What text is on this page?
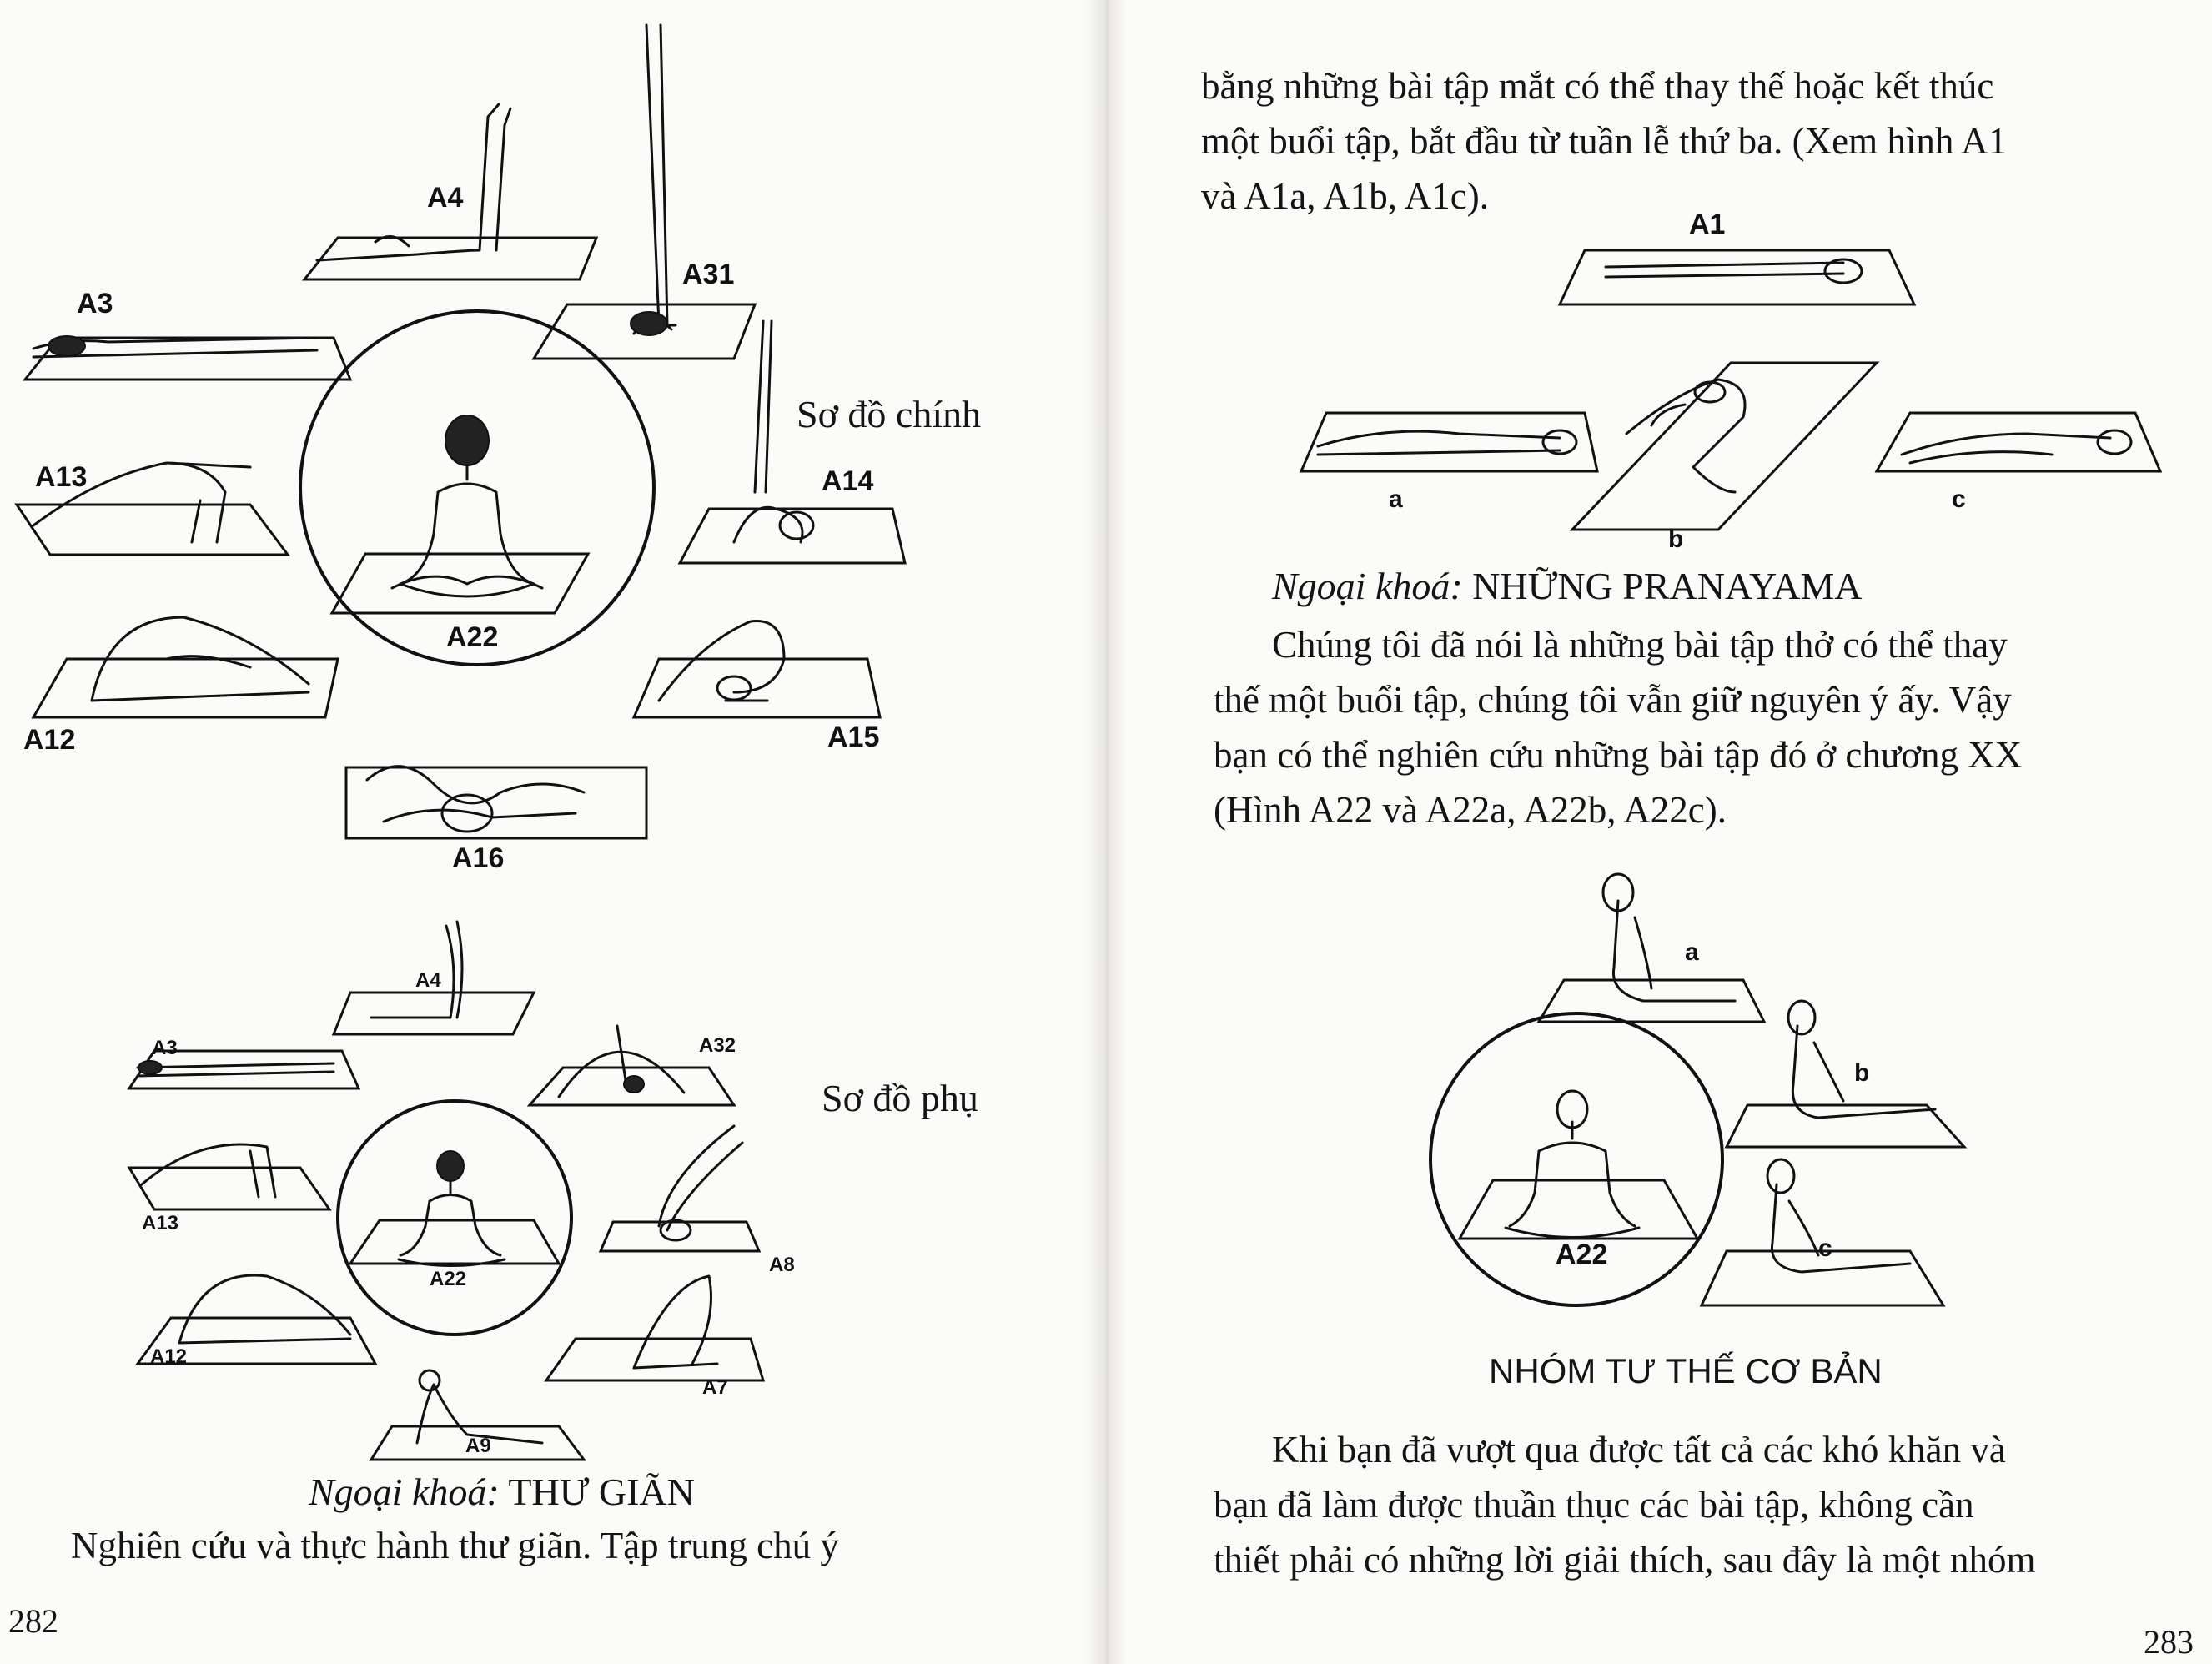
A4
A31
A3
A14
A13
A12	A15
A16
A22
Sơ đồ chính
A4
A3	A32
A13
A8
A12
A7
A9
A22
Sơ đồ phụ
Ngoại khoá: THƯ GIÃN
Nghiên cứu và thực hành thư giãn. Tập trung chú ý
282
bằng những bài tập mắt có thể thay thế hoặc kết thúc
một buổi tập, bắt đầu từ tuần lễ thứ ba. (Xem hình A1
và A1a, A1b, A1c).
A1
a
b
c
Ngoại khoá: NHỮNG PRANAYAMA
Chúng tôi đã nói là những bài tập thở có thể thay
thế một buổi tập, chúng tôi vẫn giữ nguyên ý ấy. Vậy
bạn có thể nghiên cứu những bài tập đó ở chương XX
(Hình A22 và A22a, A22b, A22c).
A22
a
b
c
NHÓM TƯ THẾ CƠ BẢN
Khi bạn đã vượt qua được tất cả các khó khăn và
bạn đã làm được thuần thục các bài tập, không cần
thiết phải có những lời giải thích, sau đây là một nhóm
283
